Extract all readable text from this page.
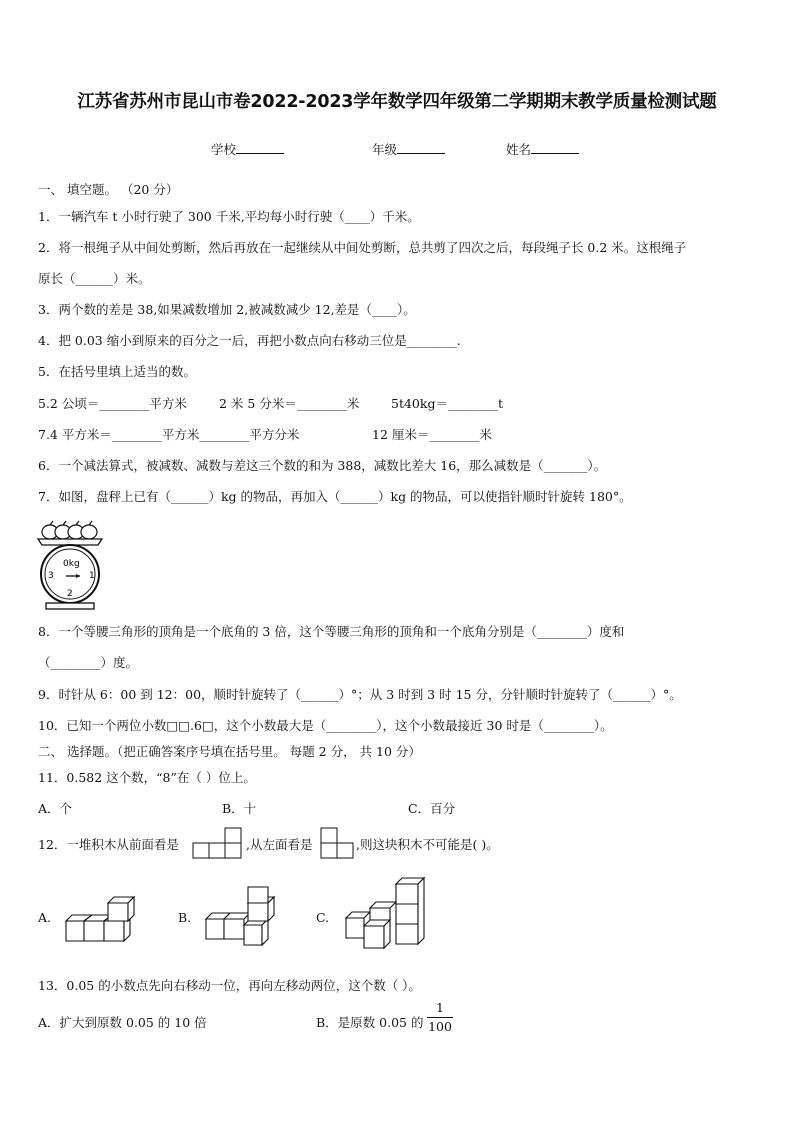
江苏省苏州市昆山市卷2022-2023学年数学四年级第二学期期末教学质量检测试题
学校	年级	姓名
一、 填空题。 （20 分）
1．一辆汽车 t 小时行驶了 300 千米,平均每小时行驶（____）千米。
2．将一根绳子从中间处剪断，然后再放在一起继续从中间处剪断，总共剪了四次之后，每段绳子长 0.2 米。这根绳子
原长（______）米。
3．两个数的差是 38,如果减数增加 2,被减数减少 12,差是（____）。
4．把 0.03 缩小到原来的百分之一后，再把小数点向右移动三位是________.
5．在括号里填上适当的数。
5.2 公顷＝________平方米	2 米 5 分米＝________米	5t40kg＝________t
7.4 平方米＝________平方米________平方分米	12 厘米＝________米
6．一个减法算式，被减数、减数与差这三个数的和为 388，减数比差大 16，那么减数是（_______）。
7．如图，盘秤上已有（______）kg 的物品，再加入（______）kg 的物品，可以使指针顺时针旋转 180°。
0kg
3	1
2
8．一个等腰三角形的顶角是一个底角的 3 倍，这个等腰三角形的顶角和一个底角分别是（________）度和
（________）度。
9．时针从 6：00 到 12：00，顺时针旋转了（______）°；从 3 时到 3 时 15 分，分针顺时针旋转了（______）°。
10．已知一个两位小数□□.6□，这个小数最大是（________），这个小数最接近 30 时是（________）。
二、 选择题。（把正确答案序号填在括号里。 每题 2 分， 共 10 分）
11．0.582 这个数，“8”在（ ）位上。
A．个	B．十	C．百分
12．一堆积木从前面看是	,从左面看是	,则这块积木不可能是( )。
A.	B.	C.
13．0.05 的小数点先向右移动一位，再向左移动两位，这个数（ ）。
A．扩大到原数 0.05 的 10 倍	B．是原数 0.05 的
1
100
